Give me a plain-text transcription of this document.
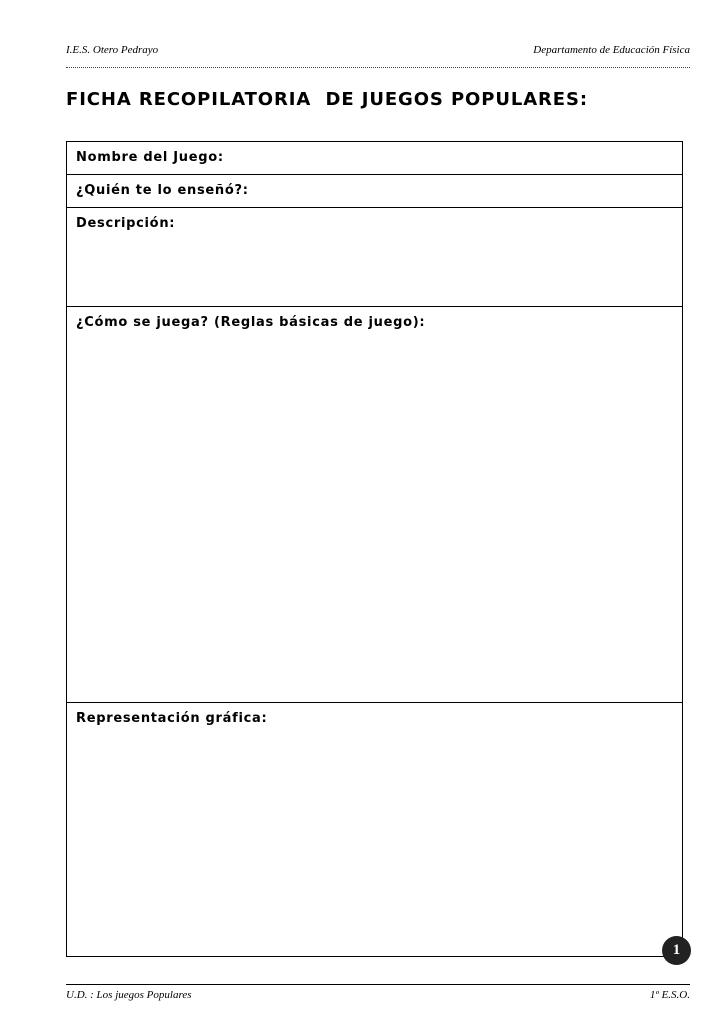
I.E.S. Otero Pedrayo	Departamento de Educación Física
FICHA RECOPILATORIA  DE JUEGOS POPULARES:
Nombre del Juego:
¿Quién te lo enseñó?:
Descripción:
¿Cómo se juega? (Reglas básicas de juego):
Representación gráfica:
1
U.D. : Los juegos Populares	1º E.S.O.
